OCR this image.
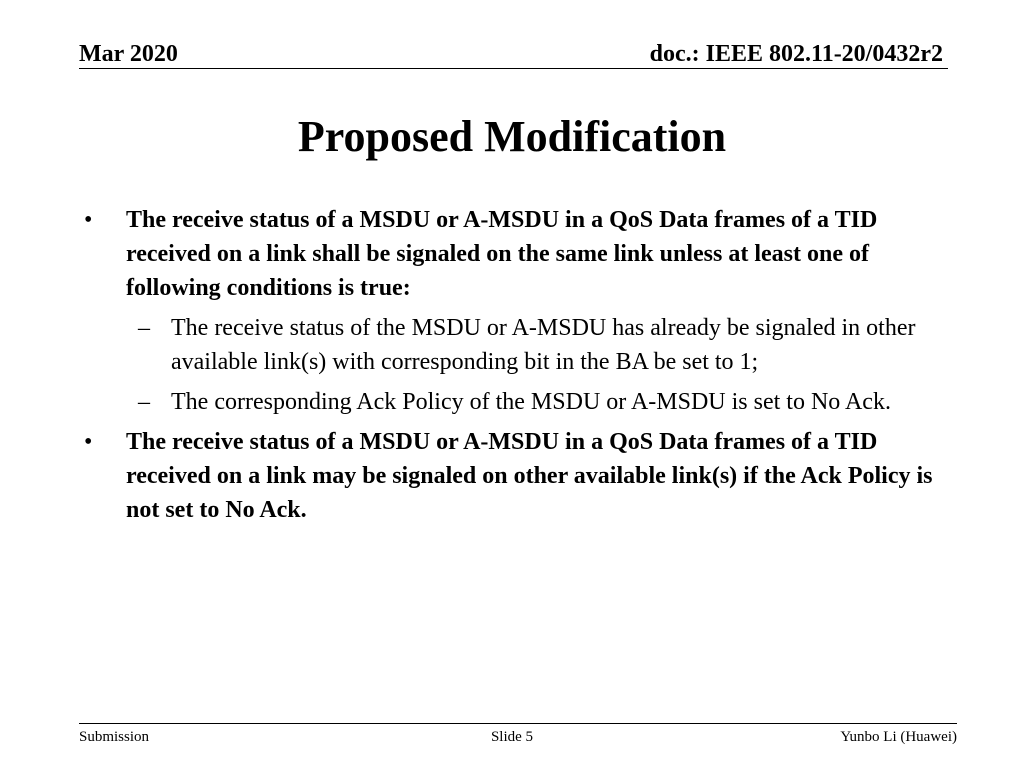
Mar 2020	doc.: IEEE 802.11-20/0432r2
Proposed Modification
• The receive status of a MSDU or A-MSDU in a QoS Data frames of a TID received on a link shall be signaled on the same link unless at least one of following conditions is true:
– The receive status of the MSDU or A-MSDU has already be signaled in other available link(s) with corresponding bit in the BA be set to 1;
– The corresponding Ack Policy of the MSDU or A-MSDU is set to No Ack.
• The receive status of a MSDU or A-MSDU in a QoS Data frames of a TID received on a link may be signaled on other available link(s) if the Ack Policy is not set to No Ack.
Submission	Slide 5	Yunbo Li (Huawei)
